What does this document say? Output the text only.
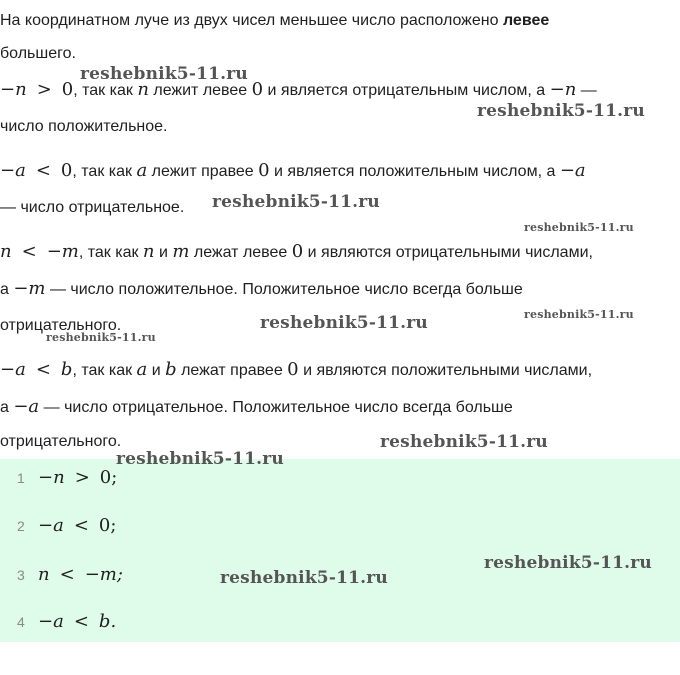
На координатном луче из двух чисел меньшее число расположено левее

большего.

−n > 0, так как n лежит левее 0 и является отрицательным числом, а −n —

число положительное.

−a < 0, так как a лежит правее 0 и является положительным числом, а −a

— число отрицательное.

n < −m, так как n и m лежат левее 0 и являются отрицательными числами,

а −m — число положительное. Положительное число всегда больше

отрицательного.

−a < b, так как a и b лежат правее 0 и являются положительными числами,

а −a — число отрицательное. Положительное число всегда больше

отрицательного.

1 −n > 0;
2 −a < 0;
3 n < −m;
4 −a < b.
reshebnik5-11.ru
reshebnik5-11.ru
reshebnik5-11.ru
reshebnik5-11.ru
reshebnik5-11.ru
reshebnik5-11.ru
reshebnik5-11.ru
reshebnik5-11.ru
reshebnik5-11.ru
reshebnik5-11.ru
reshebnik5-11.ru
